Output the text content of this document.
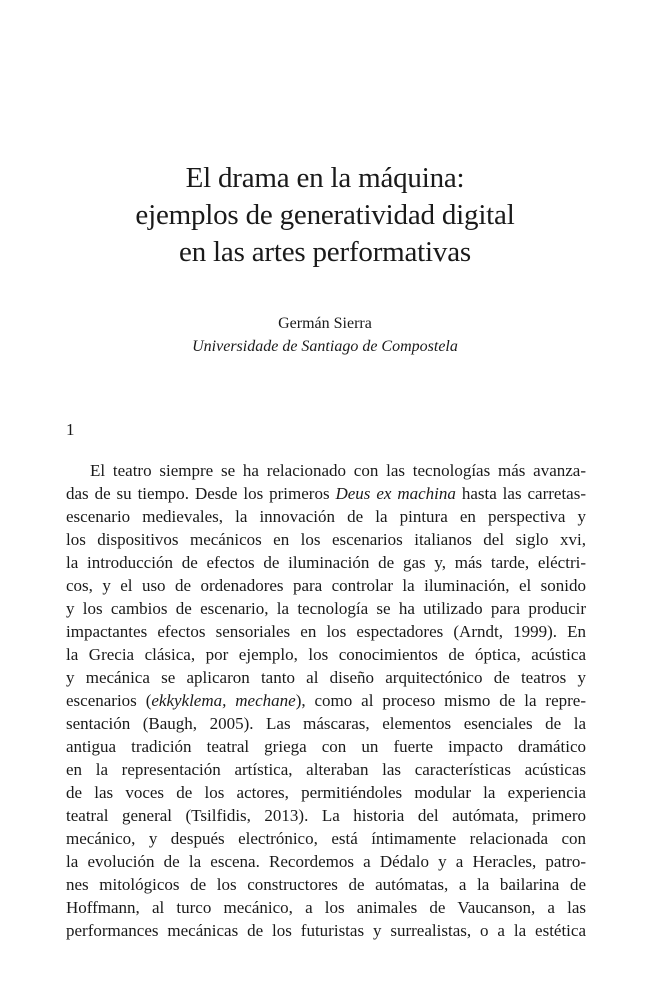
El drama en la máquina:
ejemplos de generatividad digital
en las artes performativas
Germán Sierra
Universidade de Santiago de Compostela
1
El teatro siempre se ha relacionado con las tecnologías más avanza-
das de su tiempo. Desde los primeros Deus ex machina hasta las carretas-
escenario medievales, la innovación de la pintura en perspectiva y
los dispositivos mecánicos en los escenarios italianos del siglo xvi,
la introducción de efectos de iluminación de gas y, más tarde, eléctri-
cos, y el uso de ordenadores para controlar la iluminación, el sonido
y los cambios de escenario, la tecnología se ha utilizado para producir
impactantes efectos sensoriales en los espectadores (Arndt, 1999). En
la Grecia clásica, por ejemplo, los conocimientos de óptica, acústica
y mecánica se aplicaron tanto al diseño arquitectónico de teatros y
escenarios (ekkyklema, mechane), como al proceso mismo de la repre-
sentación (Baugh, 2005). Las máscaras, elementos esenciales de la
antigua tradición teatral griega con un fuerte impacto dramático
en la representación artística, alteraban las características acústicas
de las voces de los actores, permitiéndoles modular la experiencia
teatral general (Tsilfidis, 2013). La historia del autómata, primero
mecánico, y después electrónico, está íntimamente relacionada con
la evolución de la escena. Recordemos a Dédalo y a Heracles, patro-
nes mitológicos de los constructores de autómatas, a la bailarina de
Hoffmann, al turco mecánico, a los animales de Vaucanson, a las
performances mecánicas de los futuristas y surrealistas, o a la estética
